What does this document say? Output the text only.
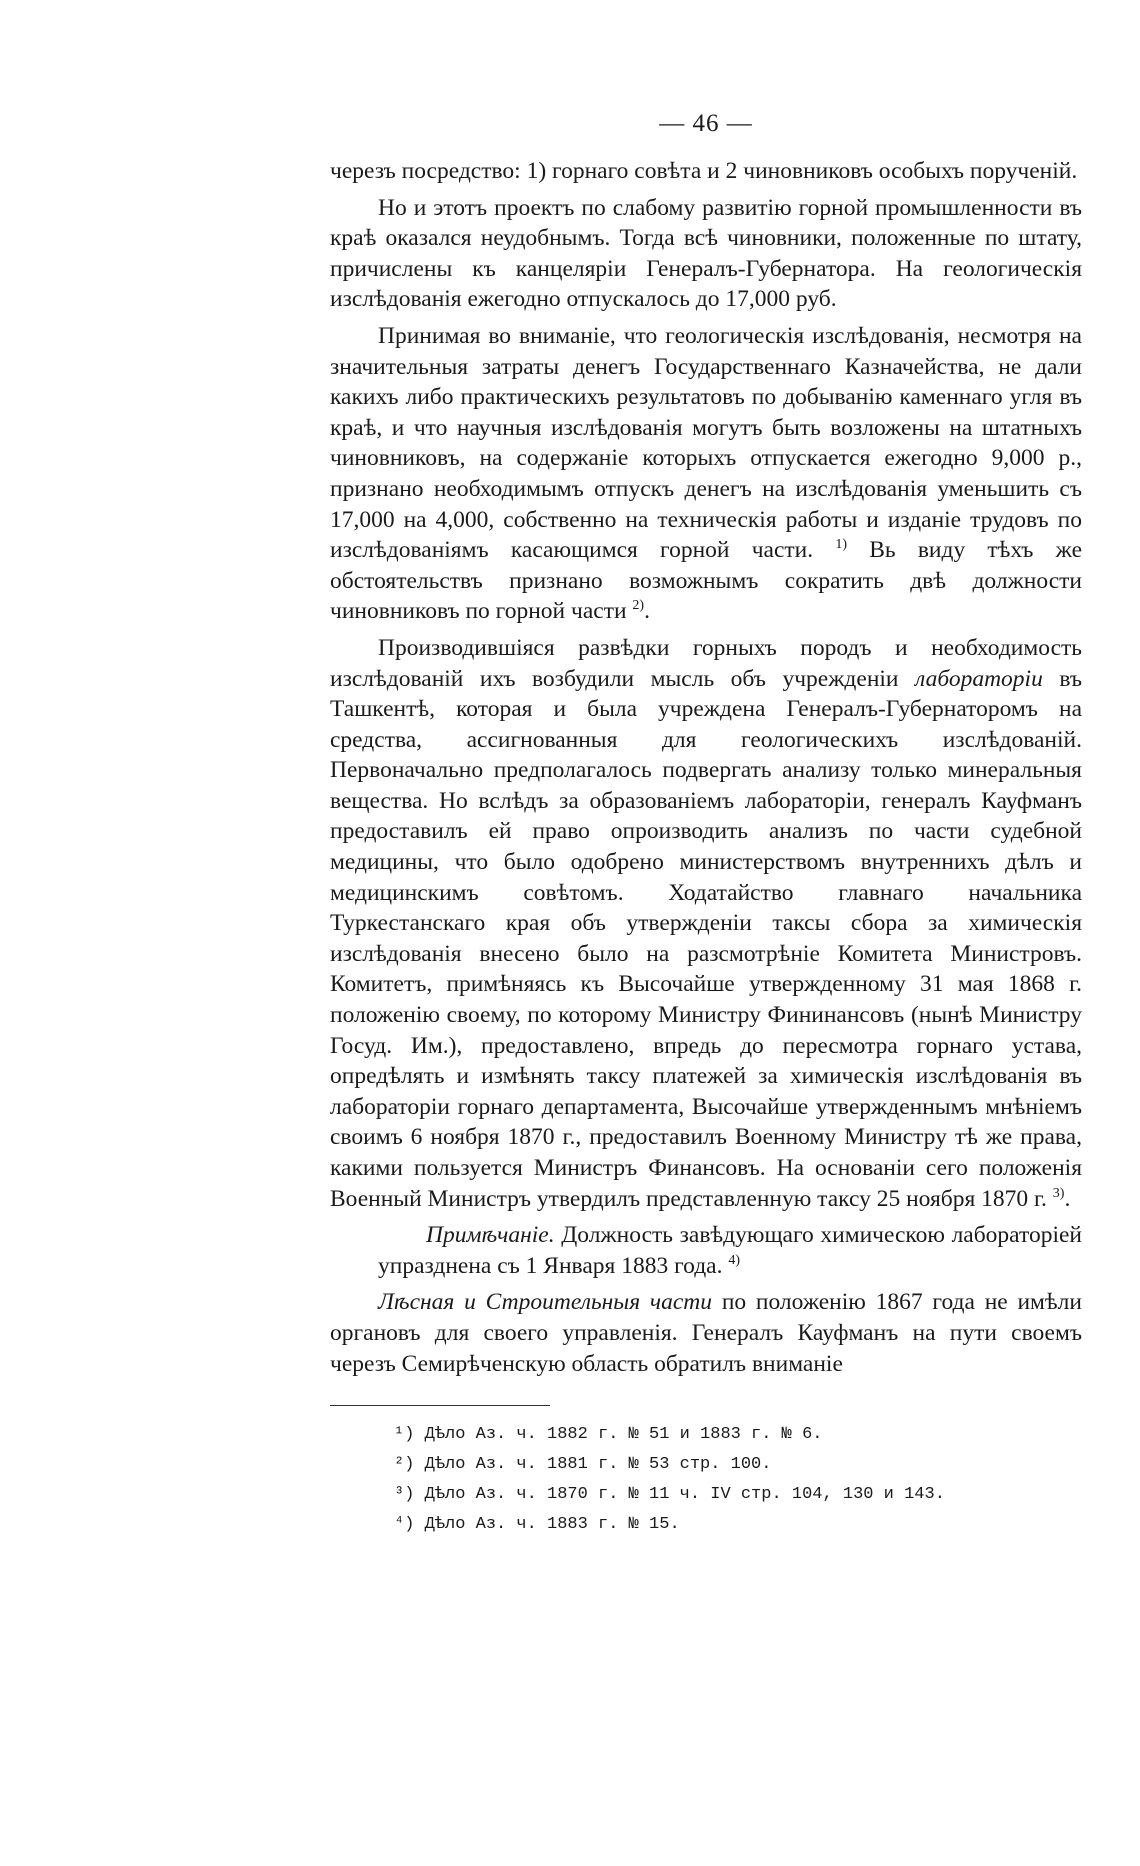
— 46 —

черезъ посредство: 1) горнаго совѣта и 2 чиновниковъ особыхъ порученій.

Но и этотъ проектъ по слабому развитію горной промышленности въ краѣ оказался неудобнымъ. Тогда всѣ чиновники, положенные по штату, причислены къ канцеляріи Генералъ-Губернатора. На геологическія изслѣдованія ежегодно отпускалось до 17,000 руб.

Принимая во вниманіе, что геологическія изслѣдованія, несмотря на значительныя затраты денегъ Государственнаго Казначейства, не дали какихъ либо практическихъ результатовъ по добыванію каменнаго угля въ краѣ, и что научныя изслѣдованія могутъ быть возложены на штатныхъ чиновниковъ, на содержаніе которыхъ отпускается ежегодно 9,000 р., признано необходимымъ отпускъ денегъ на изслѣдованія уменьшить съ 17,000 на 4,000, собственно на техническія работы и изданіе трудовъ по изслѣдованіямъ касающимся горной части. $^{1)}$ Вь виду тѣхъ же обстоятельствъ признано возможнымъ сократить двѣ должности чиновниковъ по горной части $^{2)}$.

Производившіяся развѣдки горныхъ породъ и необходимость изслѣдованій ихъ возбудили мысль объ учрежденіи лабораторіи въ Ташкентѣ, которая и была учреждена Генералъ-Губернаторомъ на средства, ассигнованныя для геологическихъ изслѣдованій. Первоначально предполагалось подвергать анализу только минеральныя вещества. Но вслѣдъ за образованіемъ лабораторіи, генералъ Кауфманъ предоставилъ ей право опроизводить анализъ по части судебной медицины, что было одобрено министерствомъ внутреннихъ дѣлъ и медицинскимъ совѣтомъ. Ходатайство главнаго начальника Туркестанскаго края объ утвержденіи таксы сбора за химическія изслѣдованія внесено было на разсмотрѣніе Комитета Министровъ. Комитетъ, примѣняясь къ Высочайше утвержденному 31 мая 1868 г. положенію своему, по которому Министру Фининансовъ (нынѣ Министру Госуд. Им.), предоставлено, впредь до пересмотра горнаго устава, опредѣлять и измѣнять таксу платежей за химическія изслѣдованія въ лабораторіи горнаго департамента, Высочайше утвержденнымъ мнѣніемъ своимъ 6 ноября 1870 г., предоставилъ Военному Министру тѣ же права, какими пользуется Министръ Финансовъ. На основаніи сего положенія Военный Министръ утвердилъ представленную таксу 25 ноября 1870 г. $^{3)}$.

Примѣчаніе. Должность завѣдующаго химическою лабораторіей упразднена съ 1 Января 1883 года. $^{4)}$

Лѣсная и Строительныя части по положенію 1867 года не имѣли органовъ для своего управленія. Генералъ Кауфманъ на пути своемъ черезъ Семирѣченскую область обратилъ вниманіе

¹) Дѣло Аз. ч. 1882 г. № 51 и 1883 г. № 6.
²) Дѣло Аз. ч. 1881 г. № 53 стр. 100.
³) Дѣло Аз. ч. 1870 г. № 11 ч. IV стр. 104, 130 и 143.
⁴) Дѣло Аз. ч. 1883 г. № 15.
